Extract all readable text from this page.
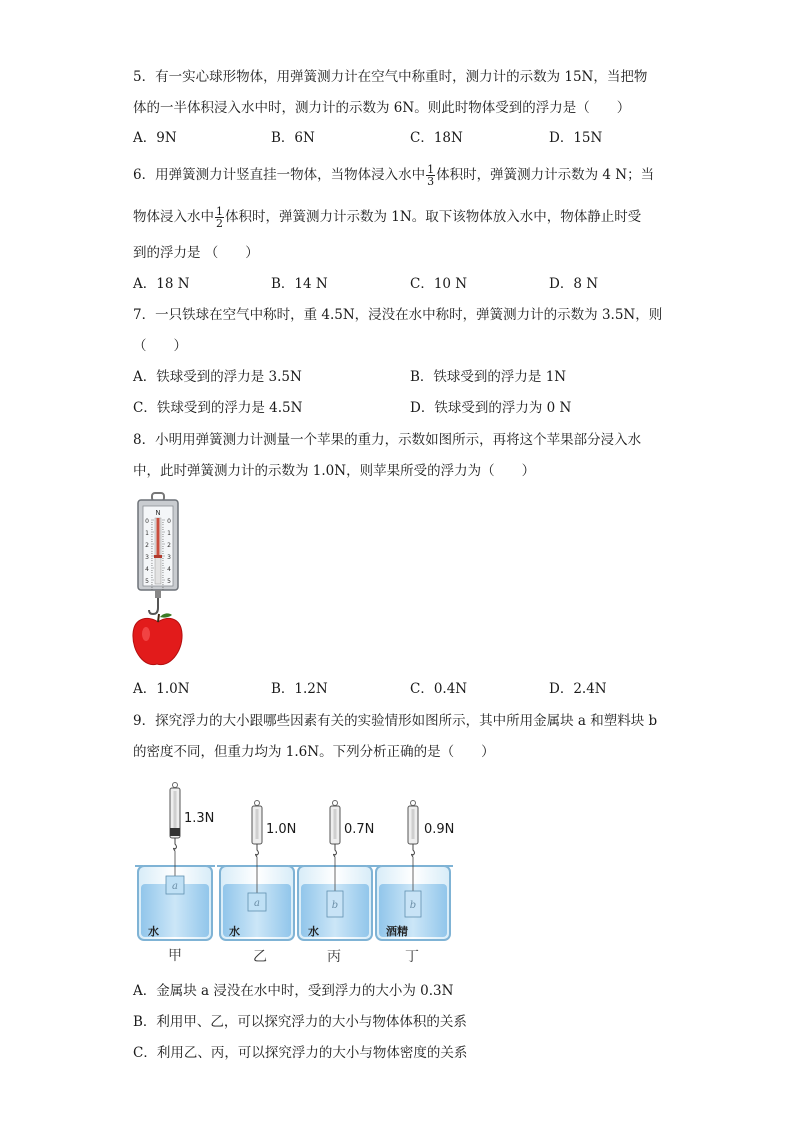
5．有一实心球形物体，用弹簧测力计在空气中称重时，测力计的示数为 15N，当把物
体的一半体积浸入水中时，测力计的示数为 6N。则此时物体受到的浮力是（　　）
A．9N	B．6N	C．18N	D．15N
6．用弹簧测力计竖直挂一物体，当物体浸入水中 $\frac{1}{3}$ 体积时，弹簧测力计示数为 4 N；当
物体浸入水中 $\frac{1}{2}$ 体积时，弹簧测力计示数为 1N。取下该物体放入水中，物体静止时受
到的浮力是 （　　）
A．18 N	B．14 N	C．10 N	D．8 N
7．一只铁球在空气中称时，重 4.5N，浸没在水中称时，弹簧测力计的示数为 3.5N，则
（　　）
A．铁球受到的浮力是 3.5N	B．铁球受到的浮力是 1N
C．铁球受到的浮力是 4.5N	D．铁球受到的浮力为 0 N
8．小明用弹簧测力计测量一个苹果的重力，示数如图所示，再将这个苹果部分浸入水
中，此时弹簧测力计的示数为 1.0N，则苹果所受的浮力为（　　）
N
0	0
1	1
2	2
3	3
4	4
5	5
A．1.0N	B．1.2N	C．0.4N	D．2.4N
9．探究浮力的大小跟哪些因素有关的实验情形如图所示，其中所用金属块 a 和塑料块 b
的密度不同，但重力均为 1.6N。下列分析正确的是（　　）
a
a	b	b
1.3N
1.0N	0.7N	0.9N
水	水	水	酒精
甲	乙	丙	丁
A．金属块 a 浸没在水中时，受到浮力的大小为 0.3N
B．利用甲、乙，可以探究浮力的大小与物体体积的关系
C．利用乙、丙，可以探究浮力的大小与物体密度的关系
